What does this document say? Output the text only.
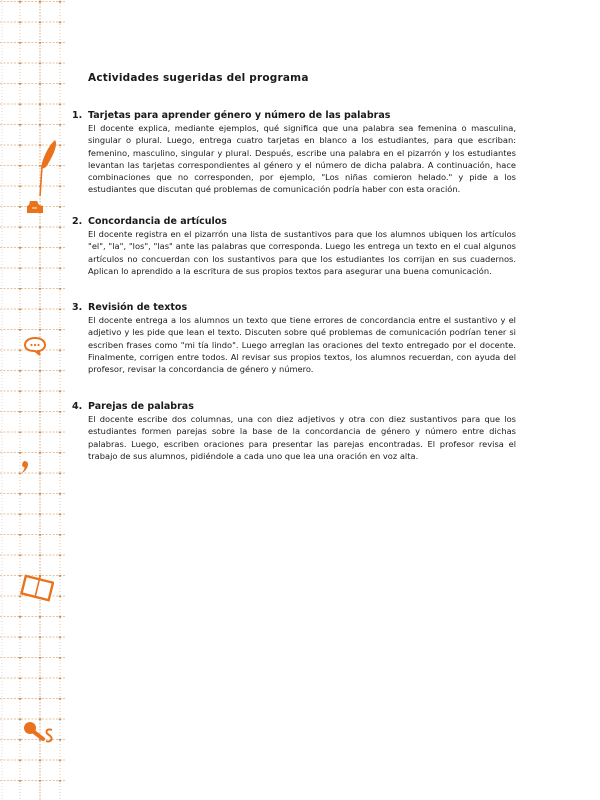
Actividades sugeridas del programa
1. Tarjetas para aprender género y número de las palabras

El docente explica, mediante ejemplos, qué significa que una palabra sea femenina o masculina, singular o plural. Luego, entrega cuatro tarjetas en blanco a los estudiantes, para que escriban: femenino, masculino, singular y plural. Después, escribe una palabra en el pizarrón y los estudiantes levantan las tarjetas correspondientes al género y el número de dicha palabra. A continuación, hace combinaciones que no corresponden, por ejemplo, "Los niñas comieron helado." y pide a los estudiantes que discutan qué problemas de comunicación podría haber con esta oración.

2. Concordancia de artículos

El docente registra en el pizarrón una lista de sustantivos para que los alumnos ubiquen los artículos "el", "la", "los", "las" ante las palabras que corresponda. Luego les entrega un texto en el cual algunos artículos no concuerdan con los sustantivos para que los estudiantes los corrijan en sus cuadernos. Aplican lo aprendido a la escritura de sus propios textos para asegurar una buena comunicación.

3. Revisión de textos

El docente entrega a los alumnos un texto que tiene errores de concordancia entre el sustantivo y el adjetivo y les pide que lean el texto. Discuten sobre qué problemas de comunicación podrían tener si escriben frases como "mi tía lindo". Luego arreglan las oraciones del texto entregado por el docente. Finalmente, corrigen entre todos. Al revisar sus propios textos, los alumnos recuerdan, con ayuda del profesor, revisar la concordancia de género y número.

4. Parejas de palabras

El docente escribe dos columnas, una con diez adjetivos y otra con diez sustantivos para que los estudiantes formen parejas sobre la base de la concordancia de género y número entre dichas palabras. Luego, escriben oraciones para presentar las parejas encontradas. El profesor revisa el trabajo de sus alumnos, pidiéndole a cada uno que lea una oración en voz alta.
